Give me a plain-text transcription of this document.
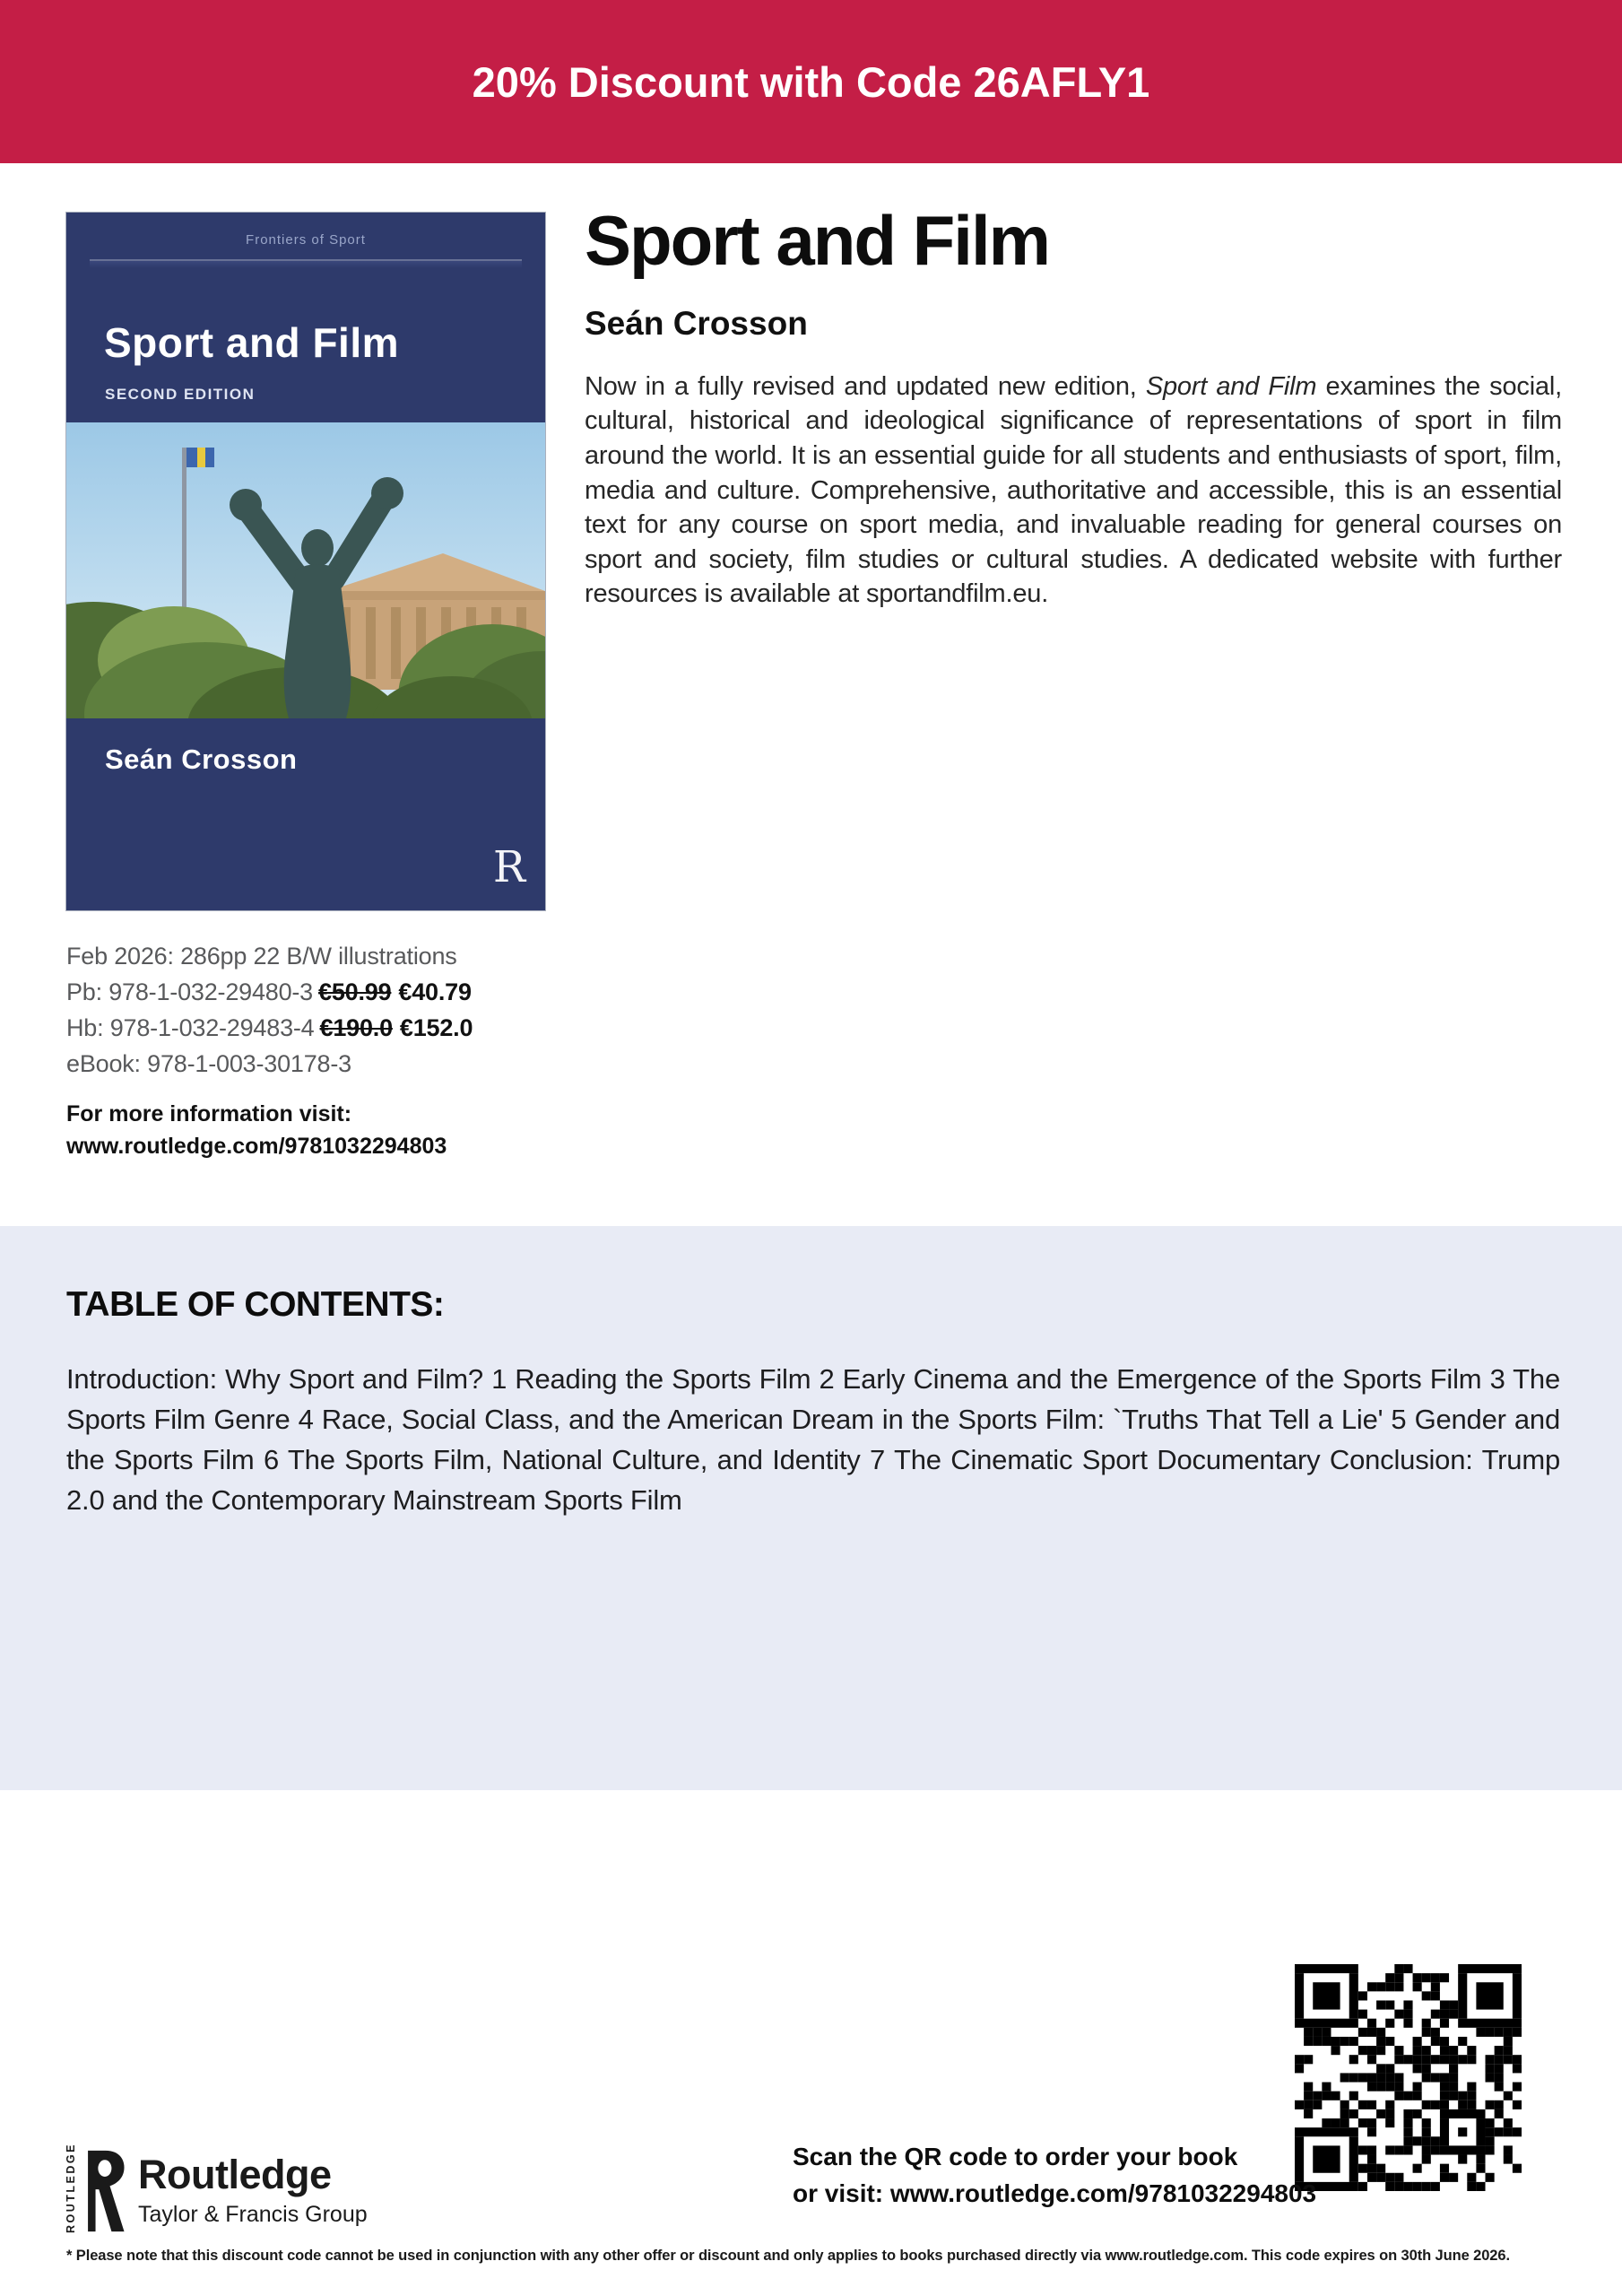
20% Discount with Code 26AFLY1
Frontiers of Sport
Sport and Film
SECOND EDITION
Seán Crosson
R
Sport and Film
Seán Crosson

Now in a fully revised and updated new edition, Sport and Film examines the social, cultural, historical and ideological significance of representations of sport in film around the world. It is an essential guide for all students and enthusiasts of sport, film, media and culture. Comprehensive, authoritative and accessible, this is an essential text for any course on sport media, and invaluable reading for general courses on sport and society, film studies or cultural studies. A dedicated website with further resources is available at sportandfilm.eu.

Feb 2026: 286pp 22 B/W illustrations
Pb: 978-1-032-29480-3 €50.99 €40.79
Hb: 978-1-032-29483-4 €190.0 €152.0
eBook: 978-1-003-30178-3
For more information visit:
www.routledge.com/9781032294803
TABLE OF CONTENTS:

Introduction: Why Sport and Film? 1 Reading the Sports Film 2 Early Cinema and the Emergence of the Sports Film 3 The Sports Film Genre 4 Race, Social Class, and the American Dream in the Sports Film: `Truths That Tell a Lie' 5 Gender and the Sports Film 6 The Sports Film, National Culture, and Identity 7 The Cinematic Sport Documentary Conclusion: Trump 2.0 and the Contemporary Mainstream Sports Film

Scan the QR code to order your book
or visit: www.routledge.com/9781032294803
ROUTLEDGE Routledge
Taylor & Francis Group
* Please note that this discount code cannot be used in conjunction with any other offer or discount and only applies to books purchased directly via www.routledge.com. This code expires on 30th June 2026.
